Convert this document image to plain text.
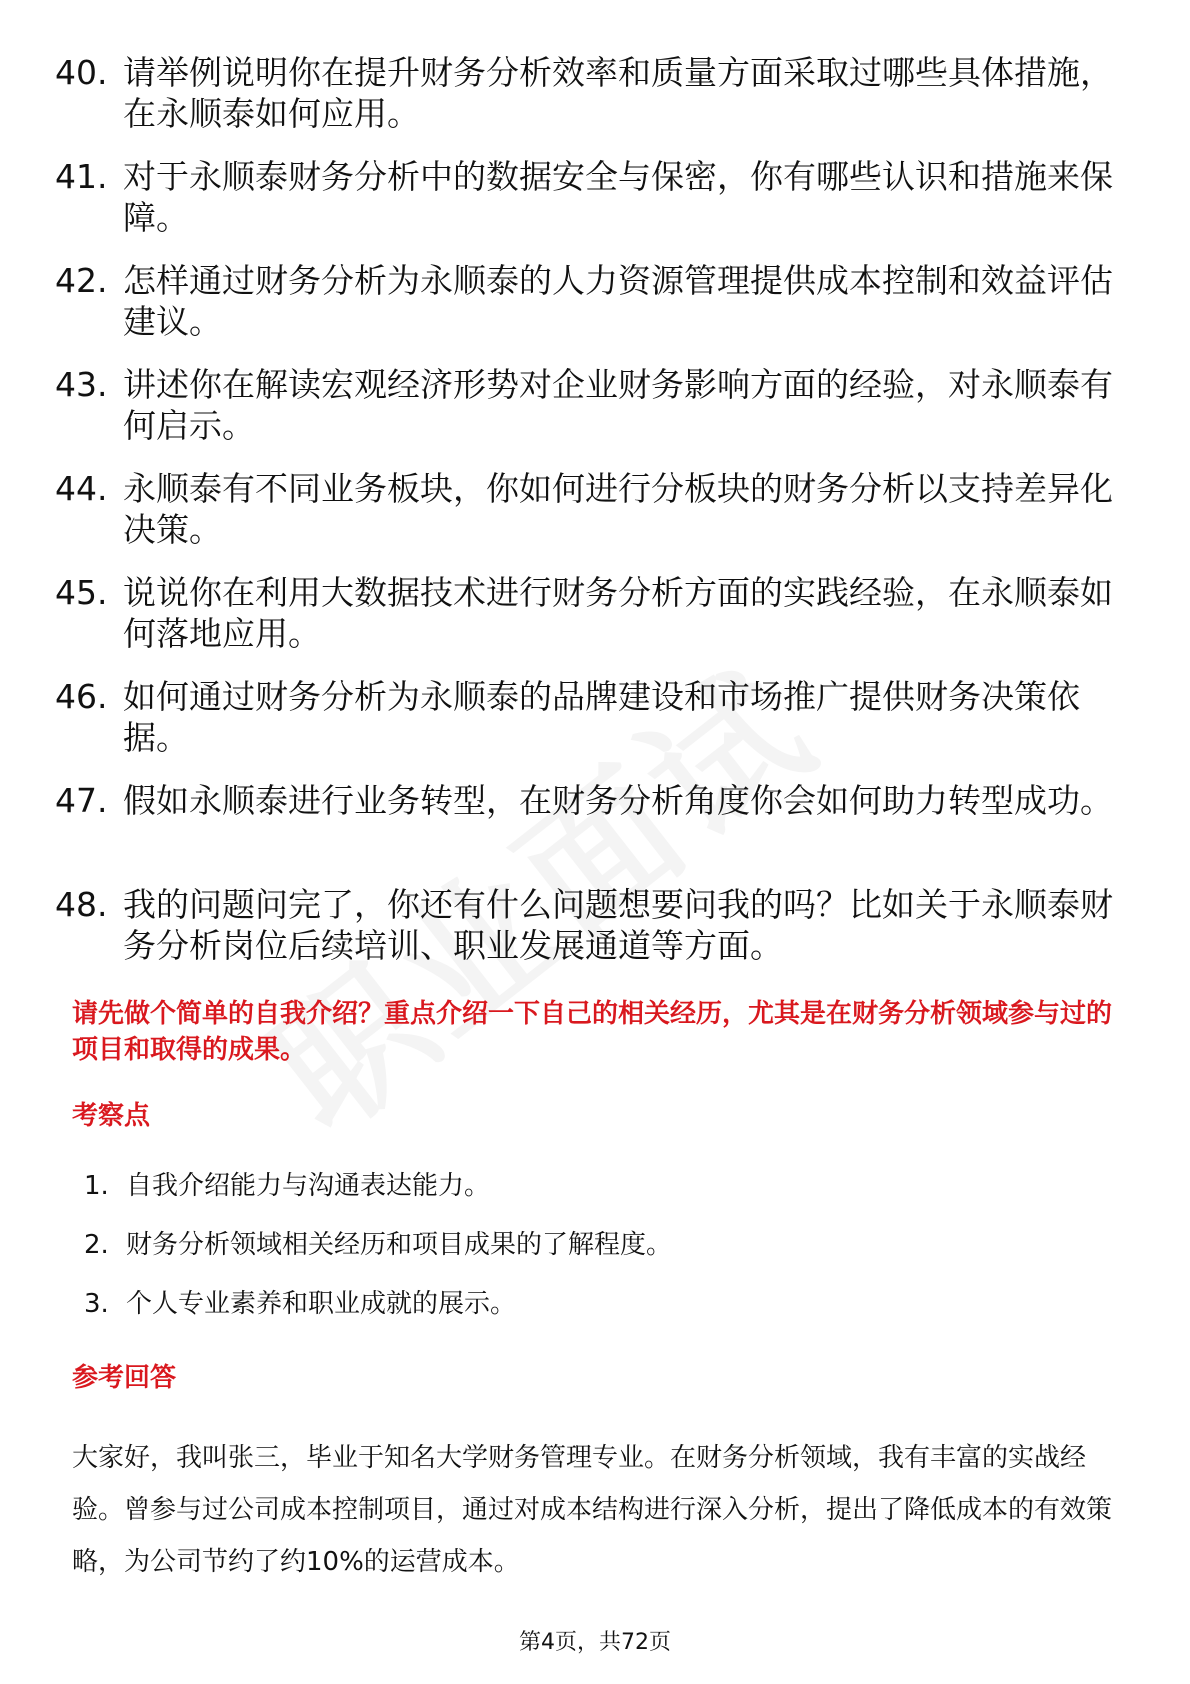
40. 请举例说明你在提升财务分析效率和质量方面采取过哪些具体措施，在永顺泰如何应用。
41. 对于永顺泰财务分析中的数据安全与保密，你有哪些认识和措施来保障。
42. 怎样通过财务分析为永顺泰的人力资源管理提供成本控制和效益评估建议。
43. 讲述你在解读宏观经济形势对企业财务影响方面的经验，对永顺泰有何启示。
44. 永顺泰有不同业务板块，你如何进行分板块的财务分析以支持差异化决策。
45. 说说你在利用大数据技术进行财务分析方面的实践经验，在永顺泰如何落地应用。
46. 如何通过财务分析为永顺泰的品牌建设和市场推广提供财务决策依据。
47. 假如永顺泰进行业务转型，在财务分析角度你会如何助力转型成功。
48. 我的问题问完了，你还有什么问题想要问我的吗？比如关于永顺泰财务分析岗位后续培训、职业发展通道等方面。
请先做个简单的自我介绍？重点介绍一下自己的相关经历，尤其是在财务分析领域参与过的项目和取得的成果。
考察点
1. 自我介绍能力与沟通表达能力。
2. 财务分析领域相关经历和项目成果的了解程度。
3. 个人专业素养和职业成就的展示。
参考回答
大家好，我叫张三，毕业于知名大学财务管理专业。在财务分析领域，我有丰富的实战经验。曾参与过公司成本控制项目，通过对成本结构进行深入分析，提出了降低成本的有效策略，为公司节约了约10%的运营成本。
第4页，共72页
